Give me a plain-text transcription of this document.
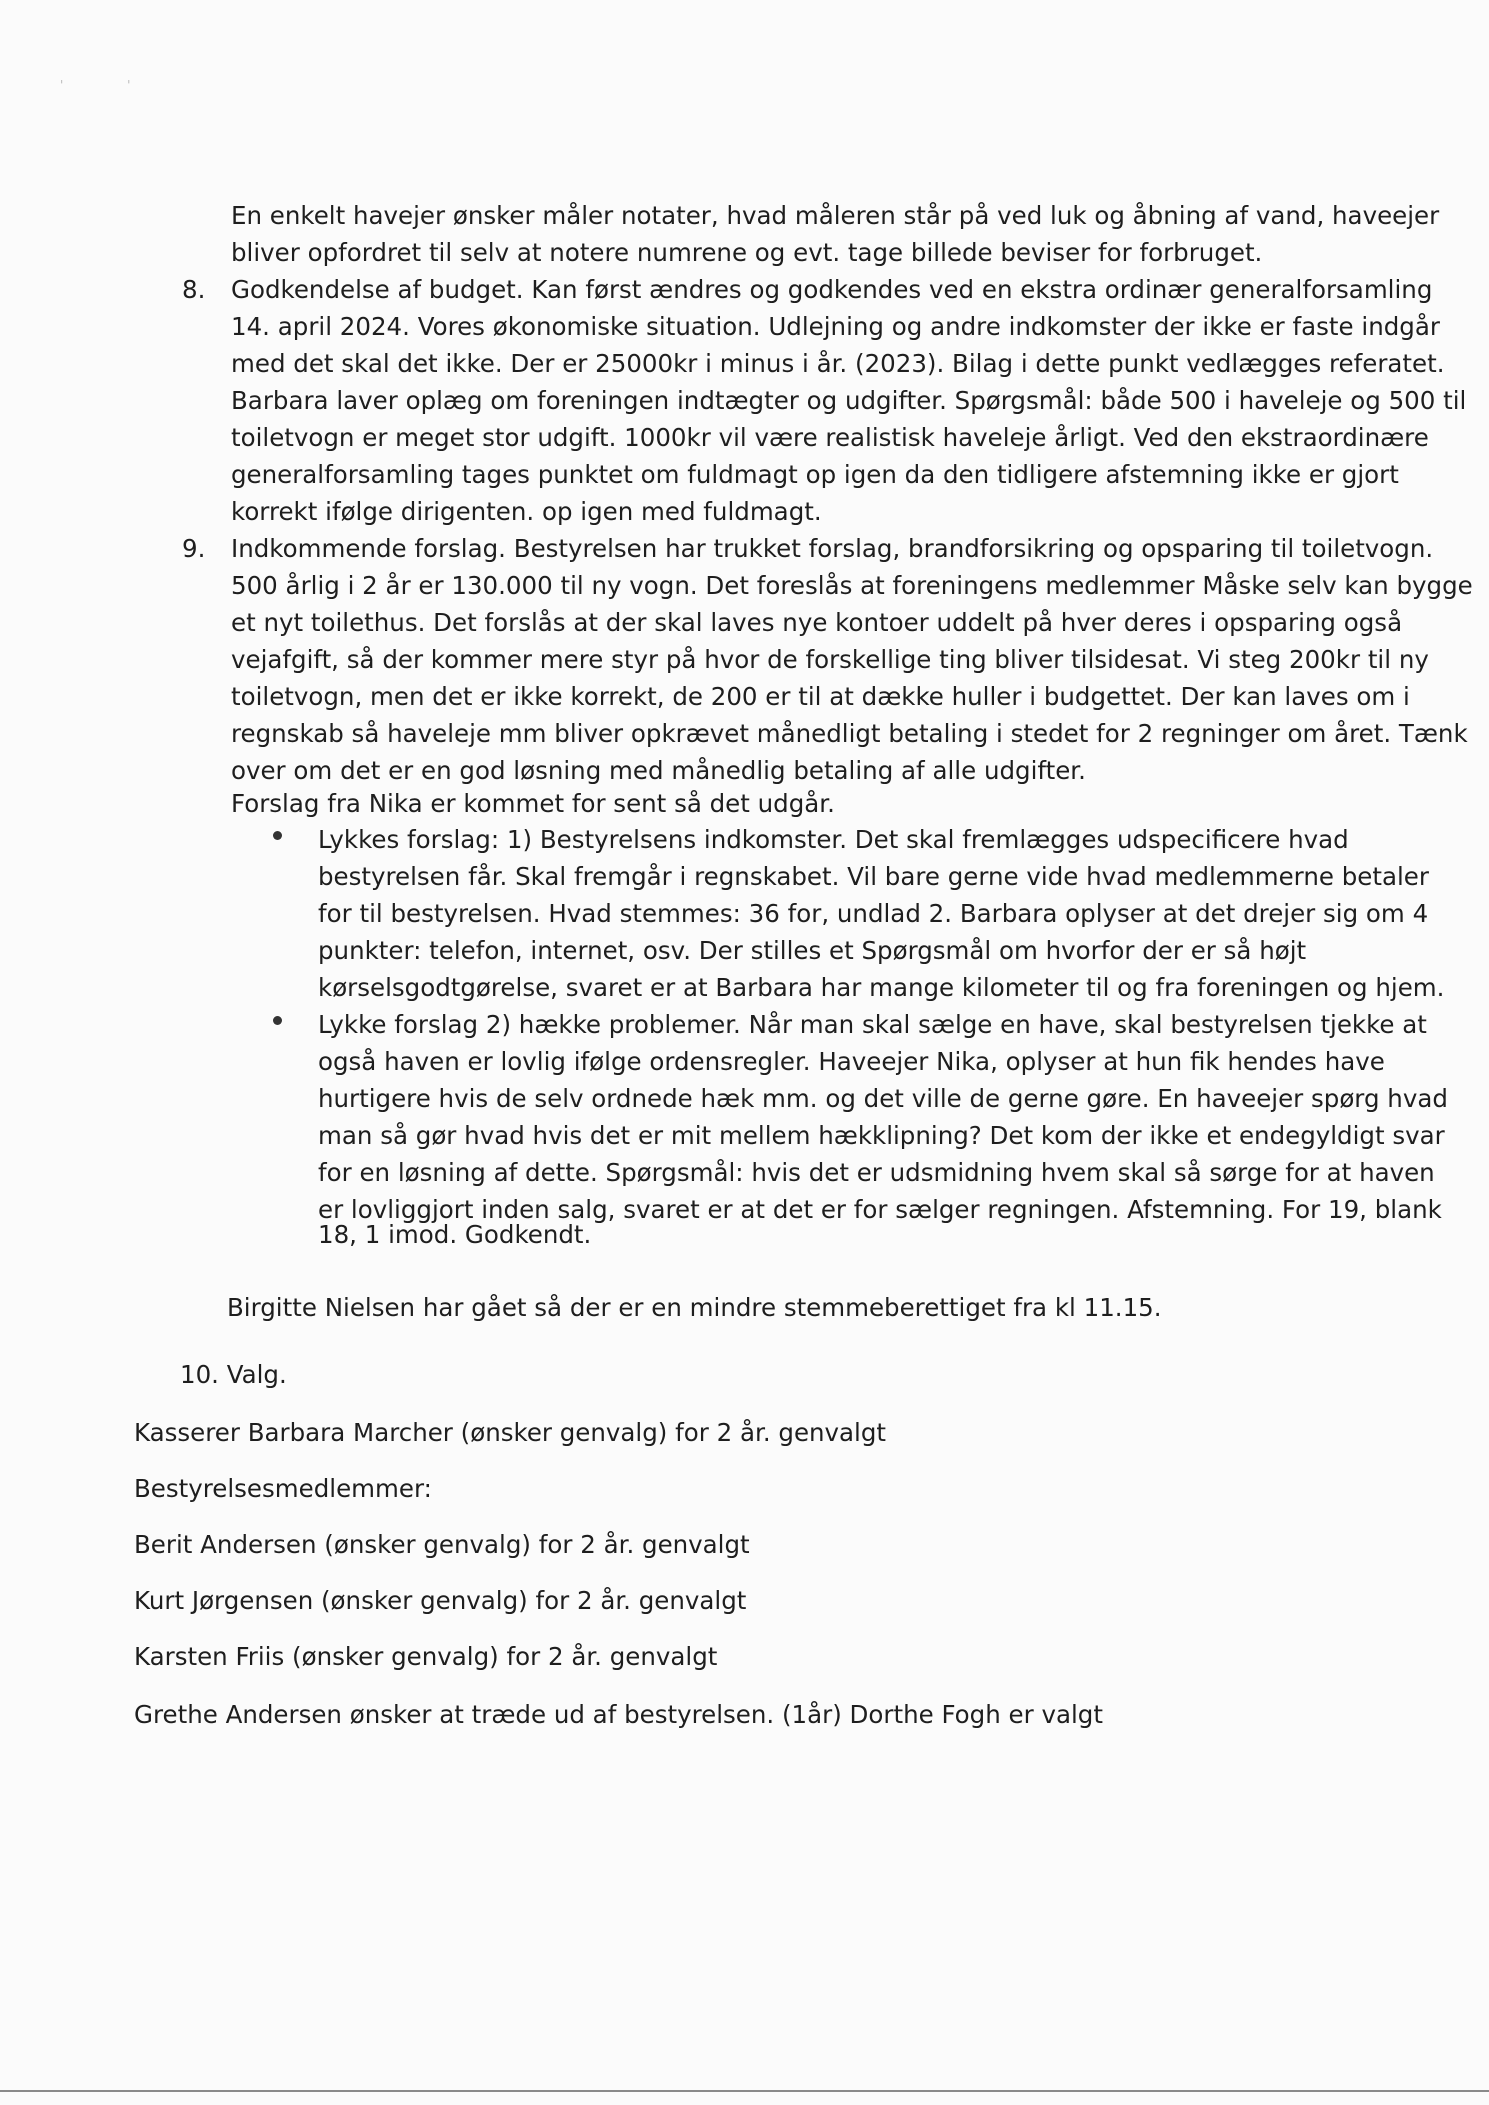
' '
En enkelt havejer ønsker måler notater, hvad måleren står på ved luk og åbning af vand, haveejer
bliver opfordret til selv at notere numrene og evt. tage billede beviser for forbruget.
8. Godkendelse af budget. Kan først ændres og godkendes ved en ekstra ordinær generalforsamling
14. april 2024. Vores økonomiske situation. Udlejning og andre indkomster der ikke er faste indgår
med det skal det ikke. Der er 25000kr i minus i år. (2023). Bilag i dette punkt vedlægges referatet.
Barbara laver oplæg om foreningen indtægter og udgifter. Spørgsmål: både 500 i haveleje og 500 til
toiletvogn er meget stor udgift. 1000kr vil være realistisk haveleje årligt. Ved den ekstraordinære
generalforsamling tages punktet om fuldmagt op igen da den tidligere afstemning ikke er gjort
korrekt ifølge dirigenten. op igen med fuldmagt.
9. Indkommende forslag. Bestyrelsen har trukket forslag, brandforsikring og opsparing til toiletvogn.
500 årlig i 2 år er 130.000 til ny vogn. Det foreslås at foreningens medlemmer Måske selv kan bygge
et nyt toilethus. Det forslås at der skal laves nye kontoer uddelt på hver deres i opsparing også
vejafgift, så der kommer mere styr på hvor de forskellige ting bliver tilsidesat. Vi steg 200kr til ny
toiletvogn, men det er ikke korrekt, de 200 er til at dække huller i budgettet. Der kan laves om i
regnskab så haveleje mm bliver opkrævet månedligt betaling i stedet for 2 regninger om året. Tænk
over om det er en god løsning med månedlig betaling af alle udgifter.
Forslag fra Nika er kommet for sent så det udgår.
Lykkes forslag: 1) Bestyrelsens indkomster. Det skal fremlægges udspecificere hvad
bestyrelsen får. Skal fremgår i regnskabet. Vil bare gerne vide hvad medlemmerne betaler
for til bestyrelsen. Hvad stemmes: 36 for, undlad 2. Barbara oplyser at det drejer sig om 4
punkter: telefon, internet, osv. Der stilles et Spørgsmål om hvorfor der er så højt
kørselsgodtgørelse, svaret er at Barbara har mange kilometer til og fra foreningen og hjem.
Lykke forslag 2) hække problemer. Når man skal sælge en have, skal bestyrelsen tjekke at
også haven er lovlig ifølge ordensregler. Haveejer Nika, oplyser at hun fik hendes have
hurtigere hvis de selv ordnede hæk mm. og det ville de gerne gøre. En haveejer spørg hvad
man så gør hvad hvis det er mit mellem hækklipning? Det kom der ikke et endegyldigt svar
for en løsning af dette. Spørgsmål: hvis det er udsmidning hvem skal så sørge for at haven
er lovliggjort inden salg, svaret er at det er for sælger regningen. Afstemning. For 19, blank
18, 1 imod. Godkendt.
Birgitte Nielsen har gået så der er en mindre stemmeberettiget fra kl 11.15.
10. Valg.
Kasserer Barbara Marcher (ønsker genvalg) for 2 år. genvalgt
Bestyrelsesmedlemmer:
Berit Andersen (ønsker genvalg) for 2 år. genvalgt
Kurt Jørgensen (ønsker genvalg) for 2 år. genvalgt
Karsten Friis (ønsker genvalg) for 2 år. genvalgt
Grethe Andersen ønsker at træde ud af bestyrelsen. (1år) Dorthe Fogh er valgt
